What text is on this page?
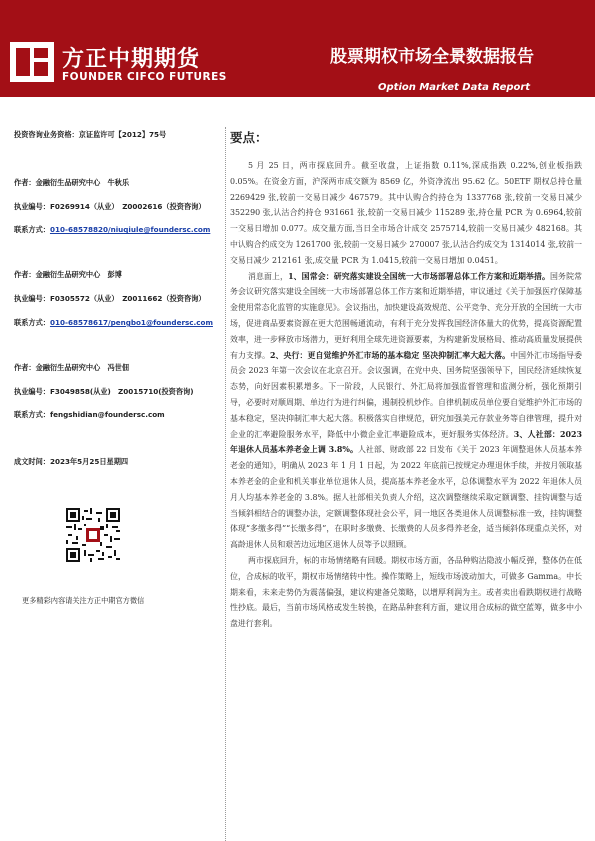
方正中期期货
FOUNDER CIFCO FUTURES
股票期权市场全景数据报告
Option Market Data Report
投资咨询业务资格：京证监许可【2012】75号
作者：金融衍生品研究中心　牛秋乐
执业编号：F0269914（从业）　Z0002616（投资咨询）
联系方式：010-68578820/niuqiule@foundersc.com
作者：金融衍生品研究中心　彭博
执业编号：F0305572（从业）　Z0011662（投资咨询）
联系方式：010-68578617/pengbo1@foundersc.com
作者：金融衍生品研究中心　冯世佃
执业编号：F3049858(从业)　Z0015710(投资咨询)
联系方式：fengshidian@foundersc.com
成文时间：2023年5月25日星期四
更多精彩内容请关注方正中期官方微信
要点：

5 月 25 日，两市探底回升。截至收盘，上证指数 0.11%,深成指跌 0.22%,创业板指跌 0.05%。在资金方面，沪深两市成交额为 8569 亿，外资净流出 95.62 亿。50ETF 期权总持仓量 2269429 张,较前一交易日减少 467579。其中认购合约持仓为 1337768 张,较前一交易日减少 352290 张,认沽合约持仓 931661 张,较前一交易日减少 115289 张,持仓量 PCR 为 0.6964,较前一交易日增加 0.077。成交量方面,当日全市场合计成交 2575714,较前一交易日减少 482168。其中认购合约成交为 1261700 张,较前一交易日减少 270007 张,认沽合约成交为 1314014 张,较前一交易日减少 212161 张,成交量 PCR 为 1.0415,较前一交易日增加 0.0451。

消息面上，1、国常会：研究落实建设全国统一大市场部署总体工作方案和近期举措。国务院常务会议研究落实建设全国统一大市场部署总体工作方案和近期举措，审议通过《关于加强医疗保障基金使用常态化监管的实施意见》。会议指出，加快建设高效规范、公平竞争、充分开放的全国统一大市场，促进商品要素资源在更大范围畅通流动，有利于充分发挥我国经济体量大的优势，提高资源配置效率，进一步释放市场潜力，更好利用全球先进资源要素，为构建新发展格局、推动高质量发展提供有力支撑。2、央行：更自觉维护外汇市场的基本稳定 坚决抑制汇率大起大落。中国外汇市场指导委员会 2023 年第一次会议在北京召开。会议强调，在党中央、国务院坚强领导下，国民经济延续恢复态势，向好因素积累增多。下一阶段，人民银行、外汇局将加强监督管理和监测分析，强化预期引导，必要时对顺周期、单边行为进行纠偏，遏制投机炒作。自律机制成员单位要自觉维护外汇市场的基本稳定，坚决抑制汇率大起大落。积极落实自律规范，研究加强美元存款业务等自律管理，提升对企业的汇率避险服务水平，降低中小微企业汇率避险成本，更好服务实体经济。3、人社部：2023 年退休人员基本养老金上调 3.8%。人社部、财政部 22 日发布《关于 2023 年调整退休人员基本养老金的通知》，明确从 2023 年 1 月 1 日起，为 2022 年底前已按规定办理退休手续，并按月领取基本养老金的企业和机关事业单位退休人员，提高基本养老金水平，总体调整水平为 2022 年退休人员月人均基本养老金的 3.8%。据人社部相关负责人介绍，这次调整继续采取定额调整、挂钩调整与适当倾斜相结合的调整办法，定额调整体现社会公平，同一地区各类退休人员调整标准一致，挂钩调整体现“多缴多得”“长缴多得”，在职时多缴费、长缴费的人员多得养老金，适当倾斜体现重点关怀，对高龄退休人员和艰苦边远地区退休人员等予以照顾。

两市探底回升，标的市场情绪略有回暖。期权市场方面，各品种购沽隐波小幅反弹，整体仍在低位，合成标的收平，期权市场情绪转中性。操作策略上，短线市场波动加大，可做多 Gamma。中长期来看，未来走势仍为震荡偏强，建议构建备兑策略，以增厚利润为主。或者卖出看跌期权进行战略性抄底。最后，当前市场风格或发生转换，在路品种套利方面，建议用合成标的做空蓝筹，做多中小盘进行套利。
